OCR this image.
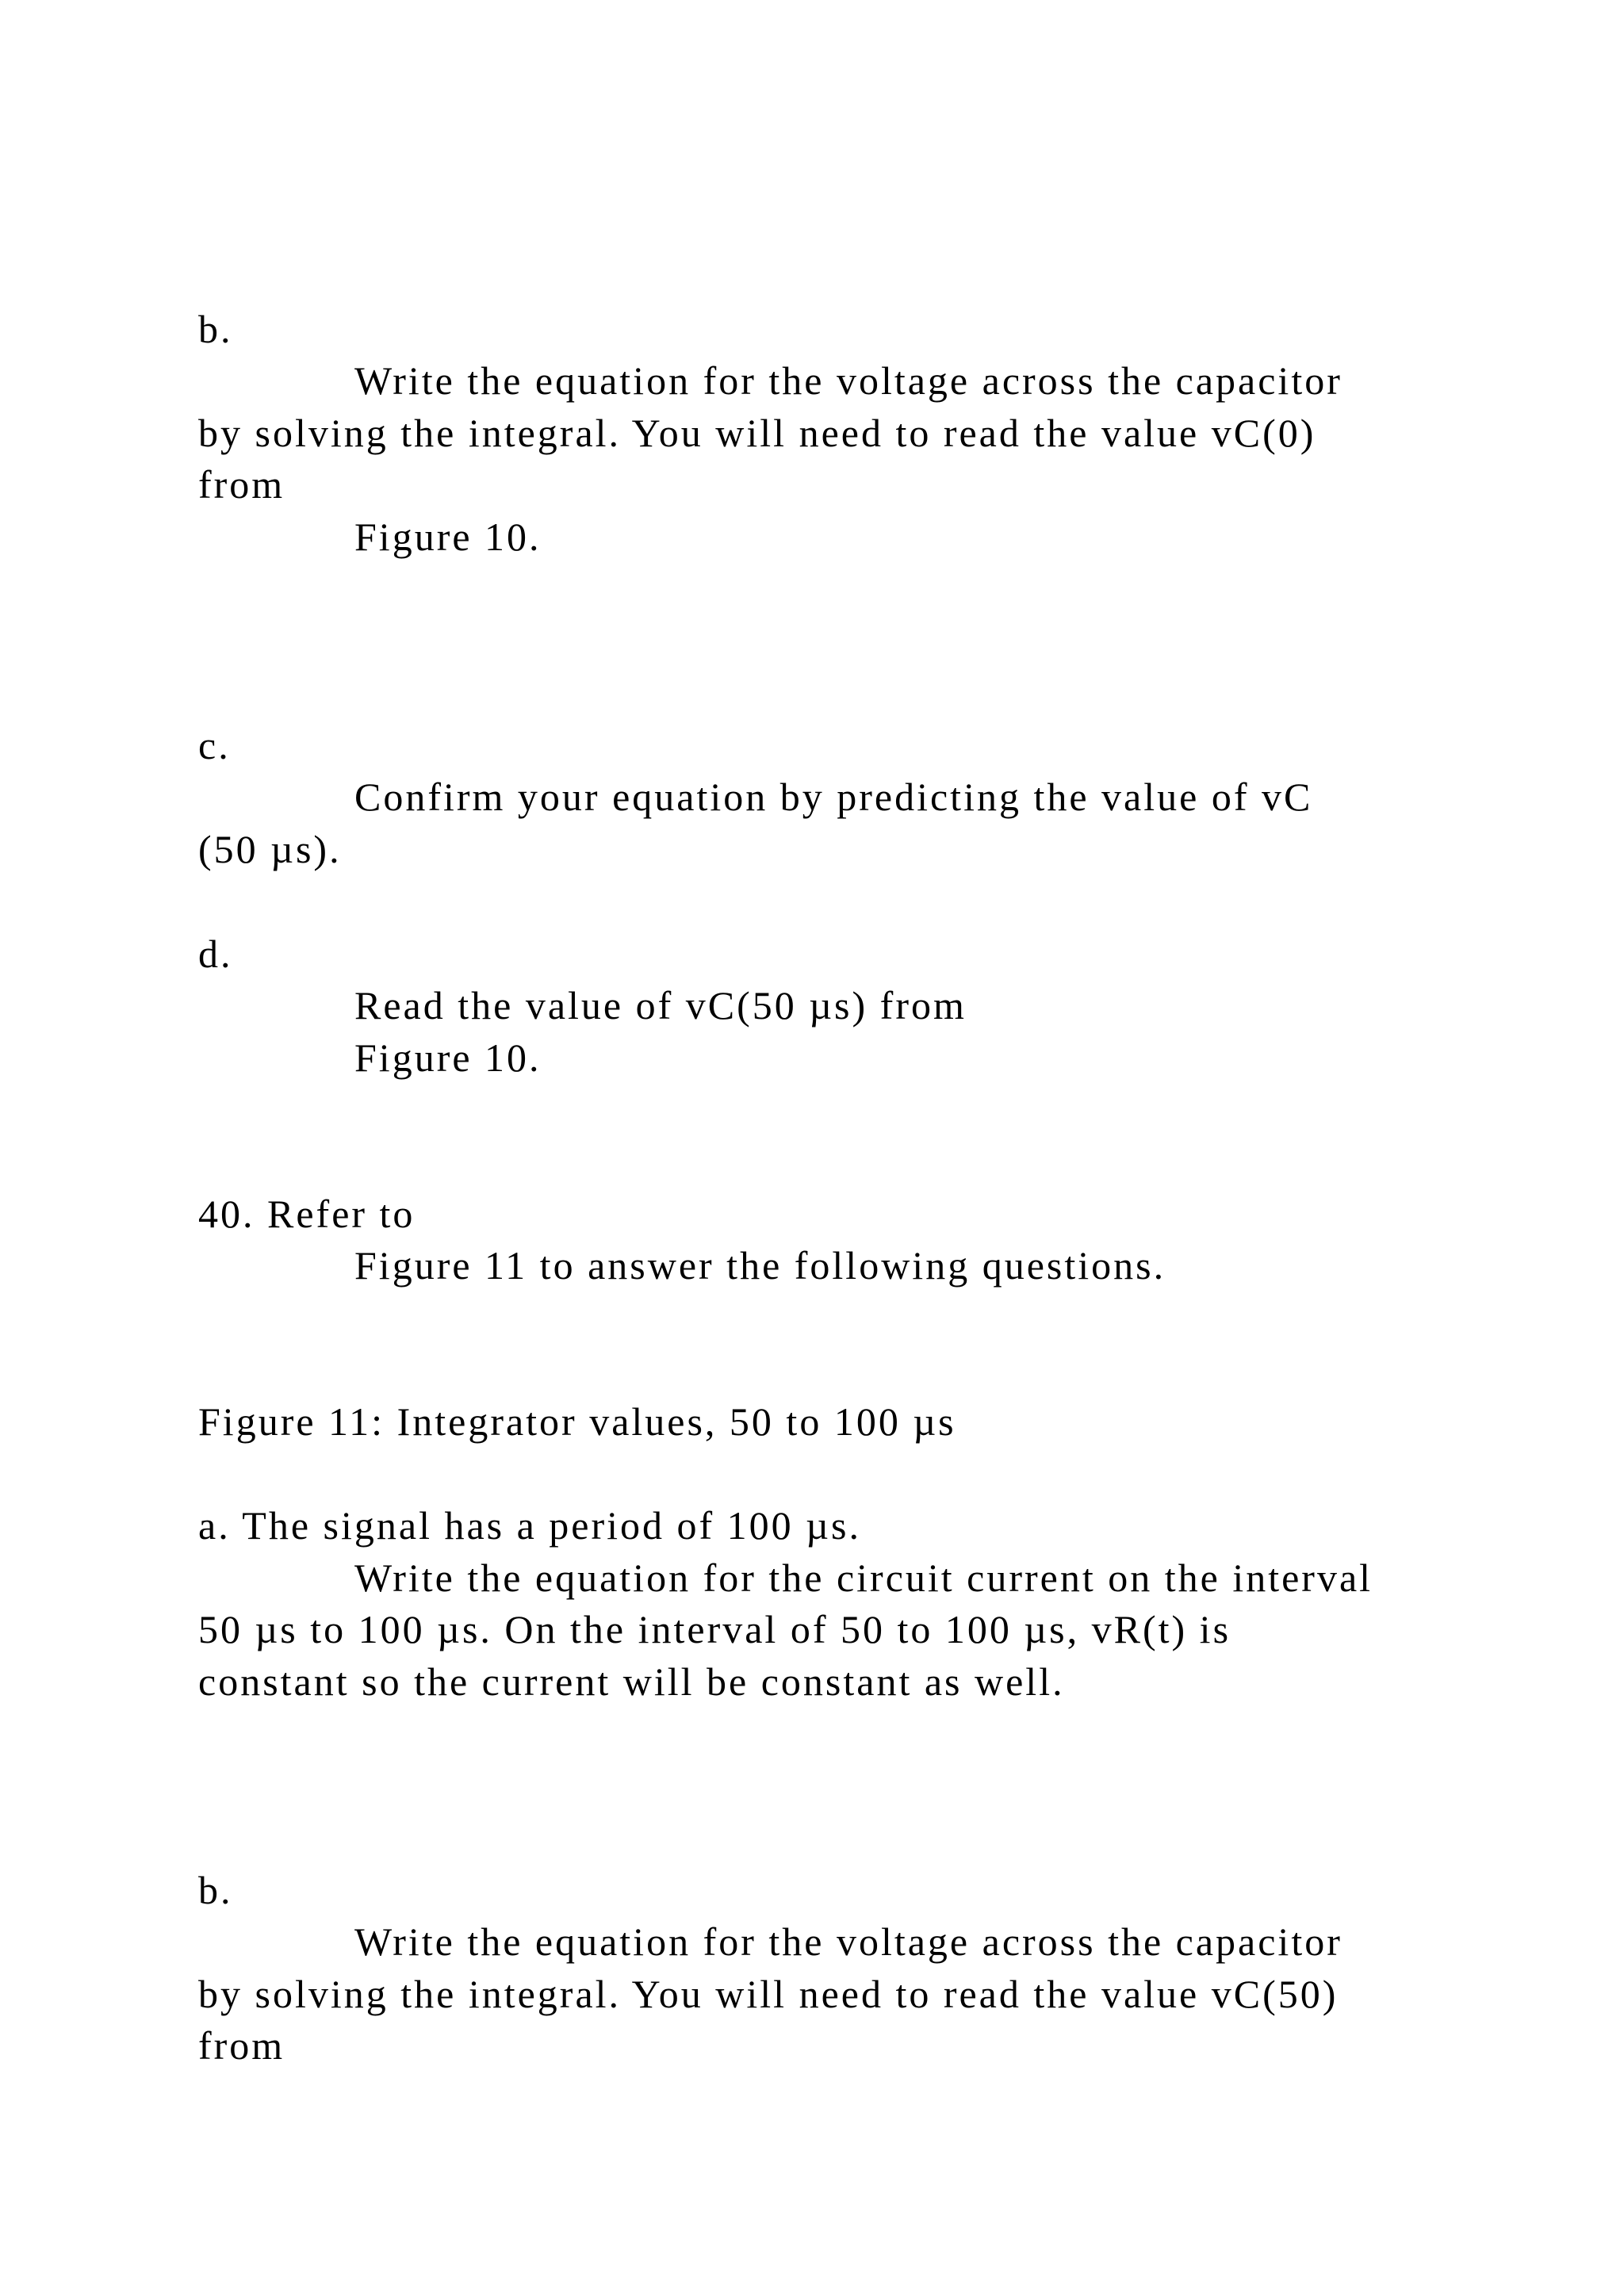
b.

Write the equation for the voltage across the capacitor

by solving the integral. You will need to read the value vC(0)

from

Figure 10.

c.

Confirm your equation by predicting the value of vC

(50 µs).

d.

Read the value of vC(50 µs) from

Figure 10.

40. Refer to

Figure 11 to answer the following questions.

Figure 11: Integrator values, 50 to 100 µs

a. The signal has a period of 100 µs.

Write the equation for the circuit current on the interval

50 µs to 100 µs. On the interval of 50 to 100 µs, vR(t) is

constant so the current will be constant as well.

b.

Write the equation for the voltage across the capacitor

by solving the integral. You will need to read the value vC(50)

from
